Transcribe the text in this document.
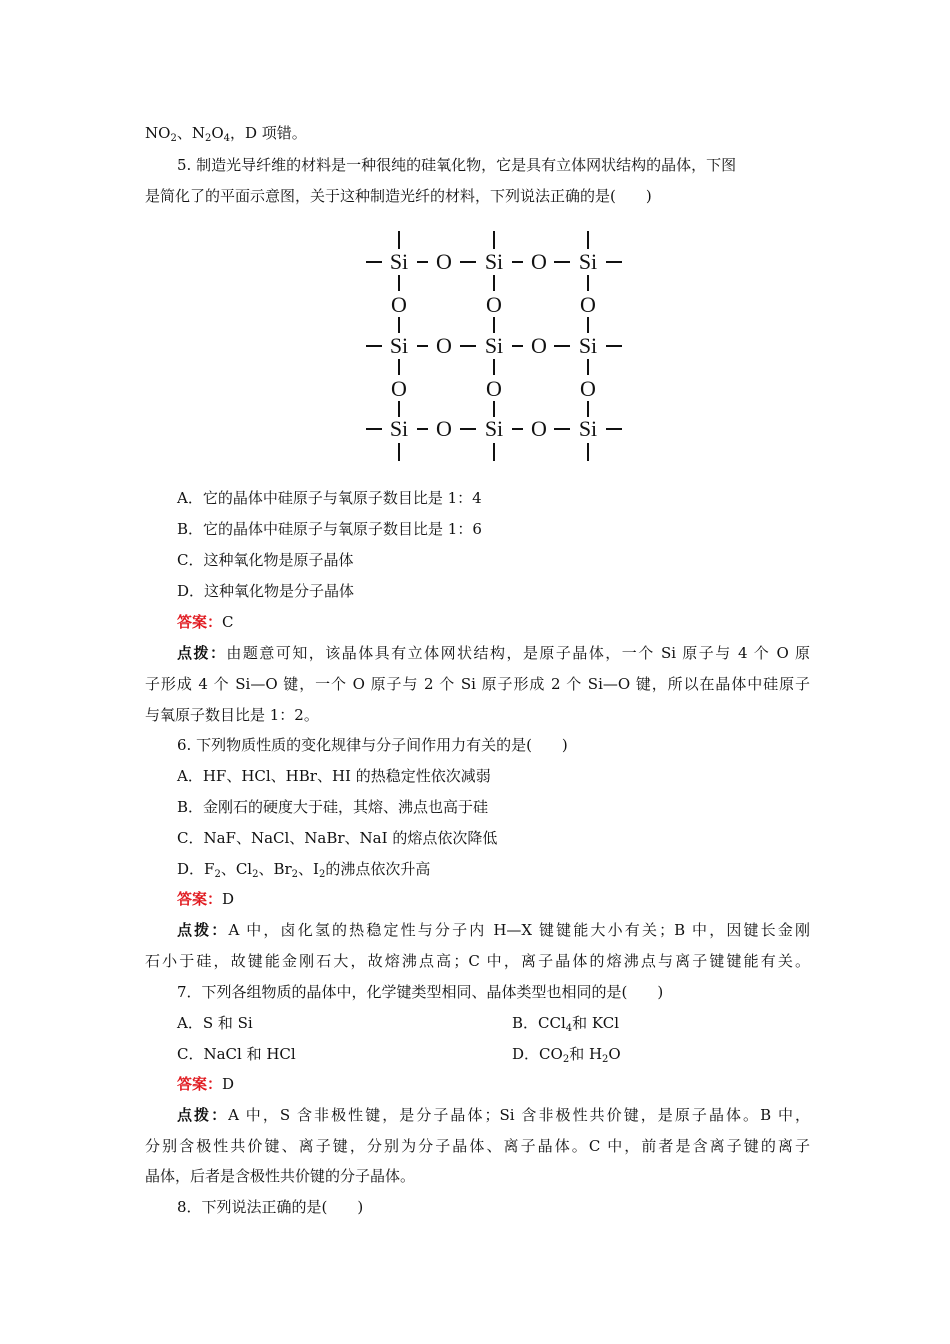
$NO_2$、$N_2O_4$，D 项错。
5. 制造光导纤维的材料是一种很纯的硅氧化物，它是具有立体网状结构的晶体，下图
是简化了的平面示意图，关于这种制造光纤的材料，下列说法正确的是(　　)
Si O Si O Si
O	O	O
Si O Si O Si
O	O	O
Si O Si O Si
A．它的晶体中硅原子与氧原子数目比是 1：4
B．它的晶体中硅原子与氧原子数目比是 1：6
C．这种氧化物是原子晶体
D．这种氧化物是分子晶体
答案：C
点拨：由题意可知，该晶体具有立体网状结构，是原子晶体，一个 Si 原子与 4 个 O 原
子形成 4 个 Si—O 键，一个 O 原子与 2 个 Si 原子形成 2 个 Si—O 键，所以在晶体中硅原子
与氧原子数目比是 1：2。
6. 下列物质性质的变化规律与分子间作用力有关的是(　　)
A．HF、HCl、HBr、HI 的热稳定性依次减弱
B．金刚石的硬度大于硅，其熔、沸点也高于硅
C．NaF、NaCl、NaBr、NaI 的熔点依次降低
D．$F_2$、$Cl_2$、$Br_2$、$I_2$的沸点依次升高
答案：D
点拨：A 中，卤化氢的热稳定性与分子内 H—X 键键能大小有关；B 中，因键长金刚
石小于硅，故键能金刚石大，故熔沸点高；C 中，离子晶体的熔沸点与离子键键能有关。
7．下列各组物质的晶体中，化学键类型相同、晶体类型也相同的是(　　)
A．S 和 Si	B．CCl$_4$和 KCl
C．NaCl 和 HCl	D．$CO_2$和 $H_2O$
答案：D
点拨：A 中，S 含非极性键，是分子晶体；Si 含非极性共价键，是原子晶体。B 中，
分别含极性共价键、离子键，分别为分子晶体、离子晶体。C 中，前者是含离子键的离子
晶体，后者是含极性共价键的分子晶体。
8．下列说法正确的是(　　)
